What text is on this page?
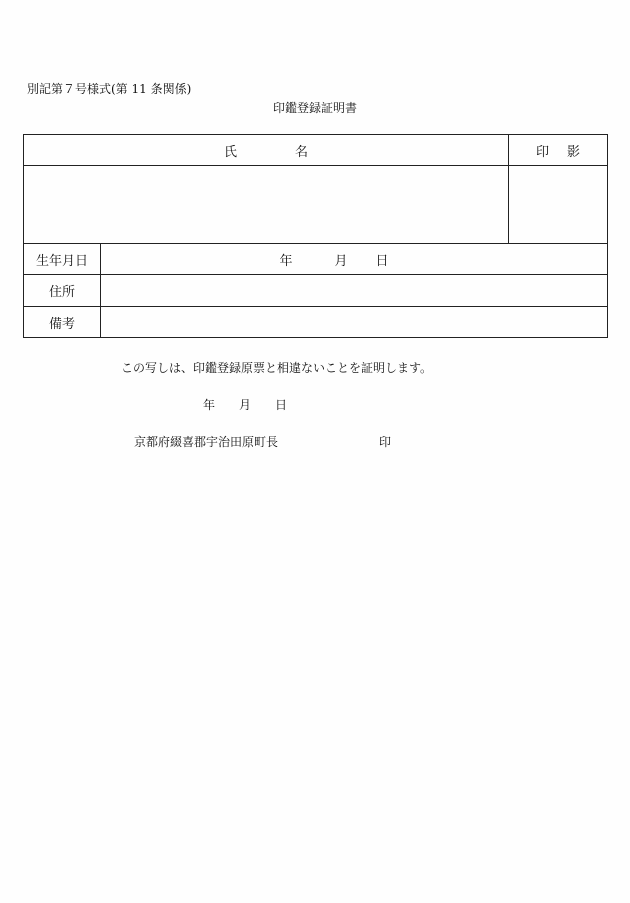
別記第７号様式(第 11 条関係)
印鑑登録証明書
氏 名		印 影

生年月日	年 月 日	
住所		
備考		
この写しは、印鑑登録原票と相違ないことを証明します。
年 月 日
京都府綴喜郡宇治田原町長	印
